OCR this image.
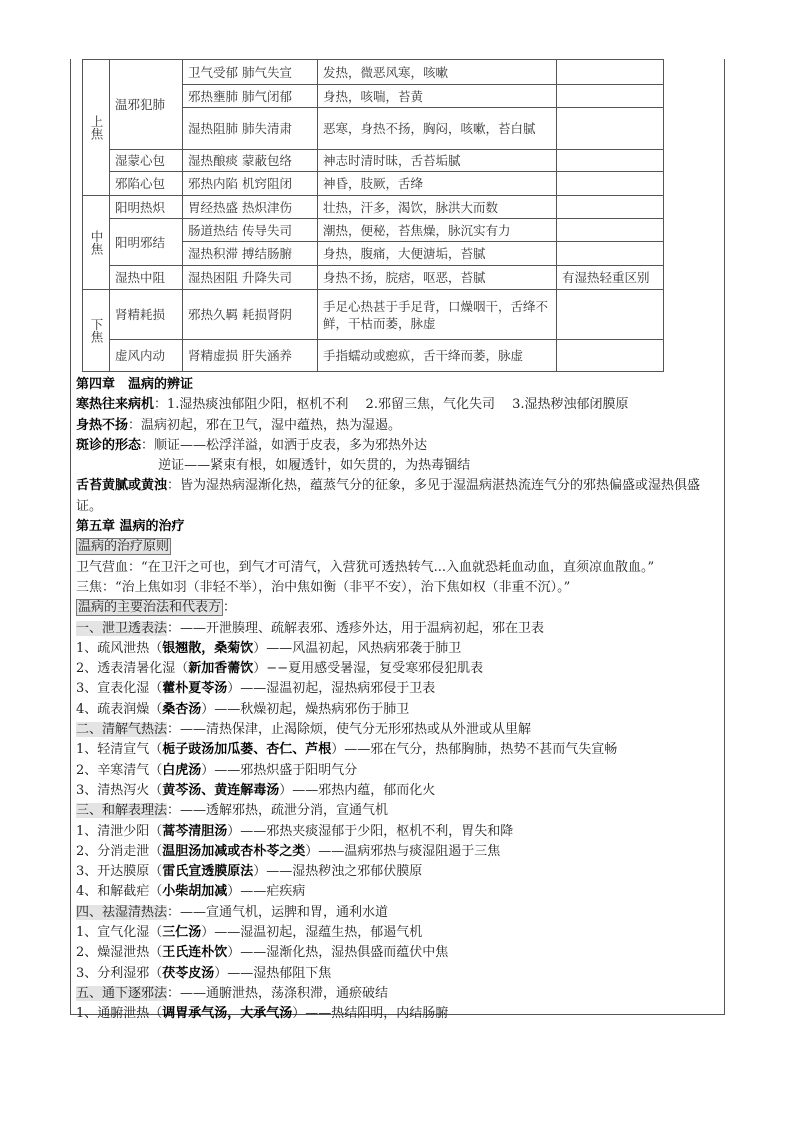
上焦	温邪犯肺	卫气受郁 肺气失宣	发热，微恶风寒，咳嗽	
		邪热壅肺 肺气闭郁	身热，咳喘，苔黄	
		湿热阻肺 肺失清肃	恶寒，身热不扬，胸闷，咳嗽，苔白腻	
	湿蒙心包	湿热酿痰 蒙蔽包络	神志时清时昧，舌苔垢腻	
	邪陷心包	邪热内陷 机窍阻闭	神昏，肢厥，舌绛	
中焦	阳明热炽	胃经热盛 热炽津伤	壮热，汗多，渴饮，脉洪大而数	
	阳明邪结	肠道热结 传导失司	潮热，便秘，苔焦燥，脉沉实有力	
		湿热积滞 搏结肠腑	身热，腹痛，大便溏垢，苔腻	
	湿热中阻	湿热困阻 升降失司	身热不扬，脘痞，呕恶，苔腻	有湿热轻重区别
下焦	肾精耗损	邪热久羁 耗损肾阴	手足心热甚于手足背，口燥咽干，舌绛不鲜，干枯而萎，脉虚	
	虚风内动	肾精虚损 肝失涵养	手指蠕动或瘛疭，舌干绛而萎，脉虚	
第四章　温病的辨证
寒热往来病机：1.湿热痰浊郁阻少阳，枢机不利　 2.邪留三焦，气化失司　 3.湿热秽浊郁闭膜原
身热不扬：温病初起，邪在卫气，湿中蕴热，热为湿遏。
斑诊的形态：顺证——松浮洋溢，如洒于皮表，多为邪热外达
　　　　　　 逆证——紧束有根，如履透针，如矢贯的，为热毒锢结
舌苔黄腻或黄浊：皆为湿热病湿渐化热，蕴蒸气分的征象，多见于湿温病湛热流连气分的邪热偏盛或湿热俱盛证。
第五章 温病的治疗
温病的治疗原则
卫气营血：“在卫汗之可也，到气才可清气，入营犹可透热转气...入血就恐耗血动血，直须凉血散血。”
三焦：“治上焦如羽（非轻不举），治中焦如衡（非平不安），治下焦如权（非重不沉）。”
温病的主要治法和代表方 ：
一、泄卫透表法：——开泄腠理、疏解表邪、透疹外达，用于温病初起，邪在卫表
1、疏风泄热（银翘散，桑菊饮）——风温初起，风热病邪袭于肺卫
2、透表清暑化湿（新加香薷饮）−−夏用感受暑湿，复受寒邪侵犯肌表
3、宣表化湿（藿朴夏苓汤）——湿温初起，湿热病邪侵于卫表
4、疏表润燥（桑杏汤）——秋燥初起，燥热病邪伤于肺卫
二、清解气热法：——清热保津，止渴除烦，使气分无形邪热或从外泄或从里解
1、轻清宣气（栀子豉汤加瓜蒌、杏仁、芦根）——邪在气分，热郁胸肺，热势不甚而气失宣畅
2、辛寒清气（白虎汤）——邪热炽盛于阳明气分
3、清热泻火（黄芩汤、黄连解毒汤）——邪热内蕴，郁而化火
三、和解表理法：——透解邪热，疏泄分消，宣通气机
1、清泄少阳（蒿芩清胆汤）——邪热夹痰湿郁于少阳，枢机不利，胃失和降
2、分消走泄（温胆汤加减或杏朴苓之类）——温病邪热与痰湿阻遏于三焦
3、开达膜原（雷氏宣透膜原法）——湿热秽浊之邪郁伏膜原
4、和解截疟（小柴胡加减）——疟疾病
四、祛湿清热法：——宣通气机，运脾和胃，通利水道
1、宣气化湿（三仁汤）——湿温初起，湿蕴生热，郁遏气机
2、燥湿泄热（王氏连朴饮）——湿渐化热，湿热俱盛而蕴伏中焦
3、分利湿邪（茯苓皮汤）——湿热郁阻下焦
五、通下逐邪法：——通腑泄热，荡涤积滞，通瘀破结
1、通腑泄热（调胃承气汤，大承气汤）——热结阳明，内结肠腑
